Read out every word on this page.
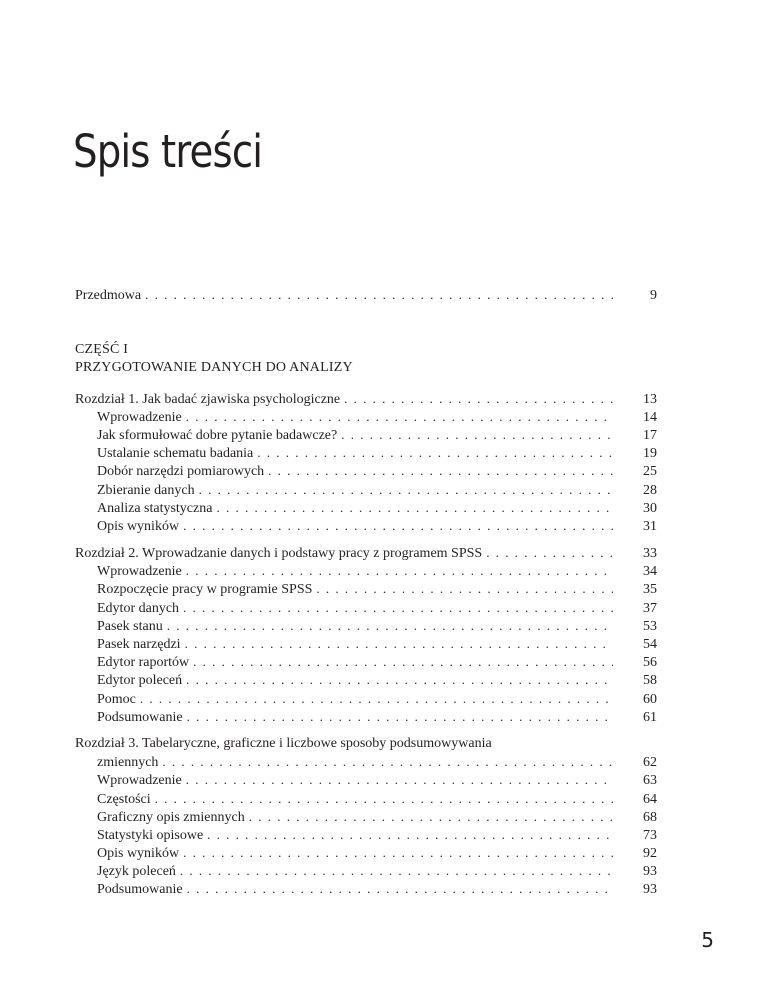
Spis treści
Przedmowa . . .	9
CZĘŚĆ I
PRZYGOTOWANIE DANYCH DO ANALIZY
Rozdział 1. Jak badać zjawiska psychologiczne . . .	13
Wprowadzenie . . .	14
Jak sformułować dobre pytanie badawcze? . . .	17
Ustalanie schematu badania . . .	19
Dobór narzędzi pomiarowych . . .	25
Zbieranie danych . . .	28
Analiza statystyczna . . .	30
Opis wyników . . .	31
Rozdział 2. Wprowadzanie danych i podstawy pracy z programem SPSS . . .	33
Wprowadzenie . . .	34
Rozpoczęcie pracy w programie SPSS . . .	35
Edytor danych . . .	37
Pasek stanu . . .	53
Pasek narzędzi . . .	54
Edytor raportów . . .	56
Edytor poleceń . . .	58
Pomoc . . .	60
Podsumowanie . . .	61
Rozdział 3. Tabelaryczne, graficzne i liczbowe sposoby podsumowywania
zmiennych . . .	62
Wprowadzenie . . .	63
Częstości . . .	64
Graficzny opis zmiennych . . .	68
Statystyki opisowe . . .	73
Opis wyników . . .	92
Język poleceń . . .	93
Podsumowanie . . .	93
5
